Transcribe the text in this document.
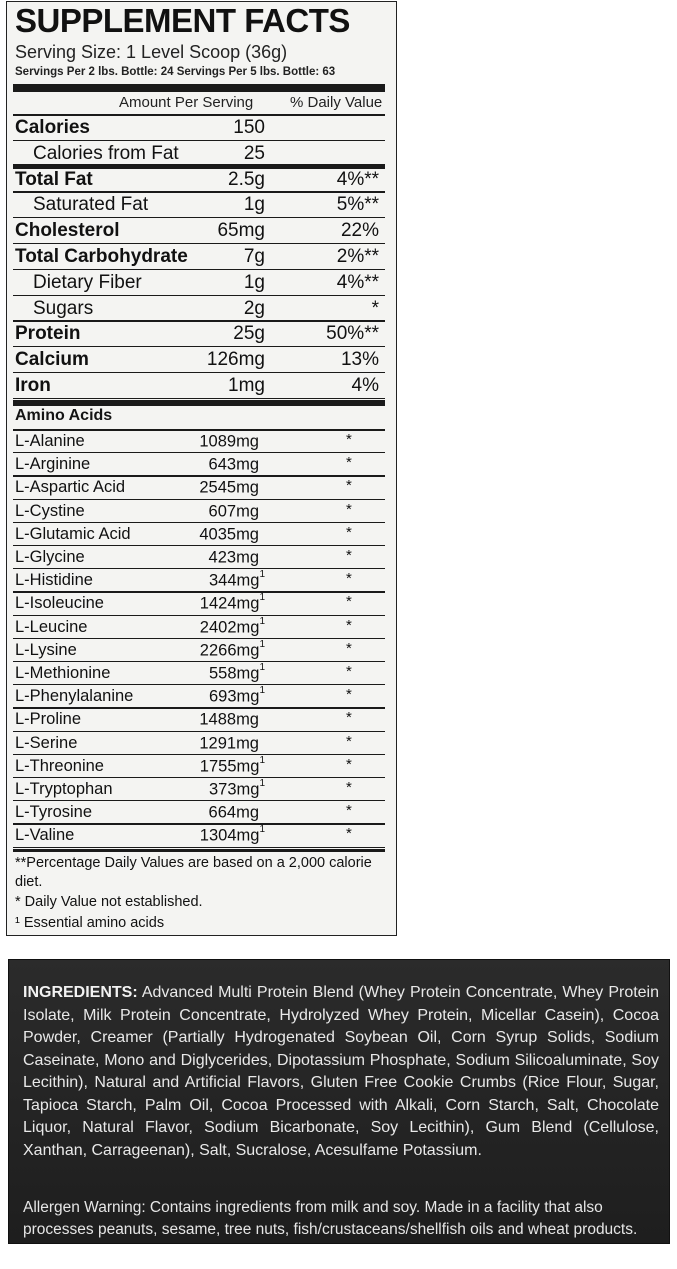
SUPPLEMENT FACTS
Serving Size: 1 Level Scoop (36g)
Servings Per 2 lbs. Bottle: 24 Servings Per 5 lbs. Bottle: 63
Amount Per Serving % Daily Value
Calories	150
Calories from Fat	25
Total Fat	2.5g	4%**
Saturated Fat	1g	5%**
Cholesterol	65mg	22%
Total Carbohydrate	7g	2%**
Dietary Fiber	1g	4%**
Sugars	2g	*
Protein	25g	50%**
Calcium	126mg	13%
Iron	1mg	4%
Amino Acids
L-Alanine	1089mg	*
L-Arginine	643mg	*
L-Aspartic Acid	2545mg	*
L-Cystine	607mg	*
L-Glutamic Acid	4035mg	*
L-Glycine	423mg	*
L-Histidine	$344mg^1$	*
L-Isoleucine	$1424mg^1$	*
L-Leucine	$2402mg^1$	*
L-Lysine	$2266mg^1$	*
L-Methionine	$558mg^1$	*
L-Phenylalanine	$693mg^1$	*
L-Proline	1488mg	*
L-Serine	1291mg	*
L-Threonine	$1755mg^1$	*
L-Tryptophan	$373mg^1$	*
L-Tyrosine	664mg	*
L-Valine	$1304mg^1$	*
**Percentage Daily Values are based on a 2,000 calorie diet.
* Daily Value not established.
¹ Essential amino acids
INGREDIENTS: Advanced Multi Protein Blend (Whey Protein Concentrate, Whey Protein Isolate, Milk Protein Concentrate, Hydrolyzed Whey Protein, Micellar Casein), Cocoa Powder, Creamer (Partially Hydrogenated Soybean Oil, Corn Syrup Solids, Sodium Caseinate, Mono and Diglycerides, Dipotassium Phosphate, Sodium Silicoaluminate, Soy Lecithin), Natural and Artificial Flavors, Gluten Free Cookie Crumbs (Rice Flour, Sugar, Tapioca Starch, Palm Oil, Cocoa Processed with Alkali, Corn Starch, Salt, Chocolate Liquor, Natural Flavor, Sodium Bicarbonate, Soy Lecithin), Gum Blend (Cellulose, Xanthan, Carrageenan), Salt, Sucralose, Acesulfame Potassium.
Allergen Warning: Contains ingredients from milk and soy. Made in a facility that also processes peanuts, sesame, tree nuts, fish/crustaceans/shellfish oils and wheat products.
